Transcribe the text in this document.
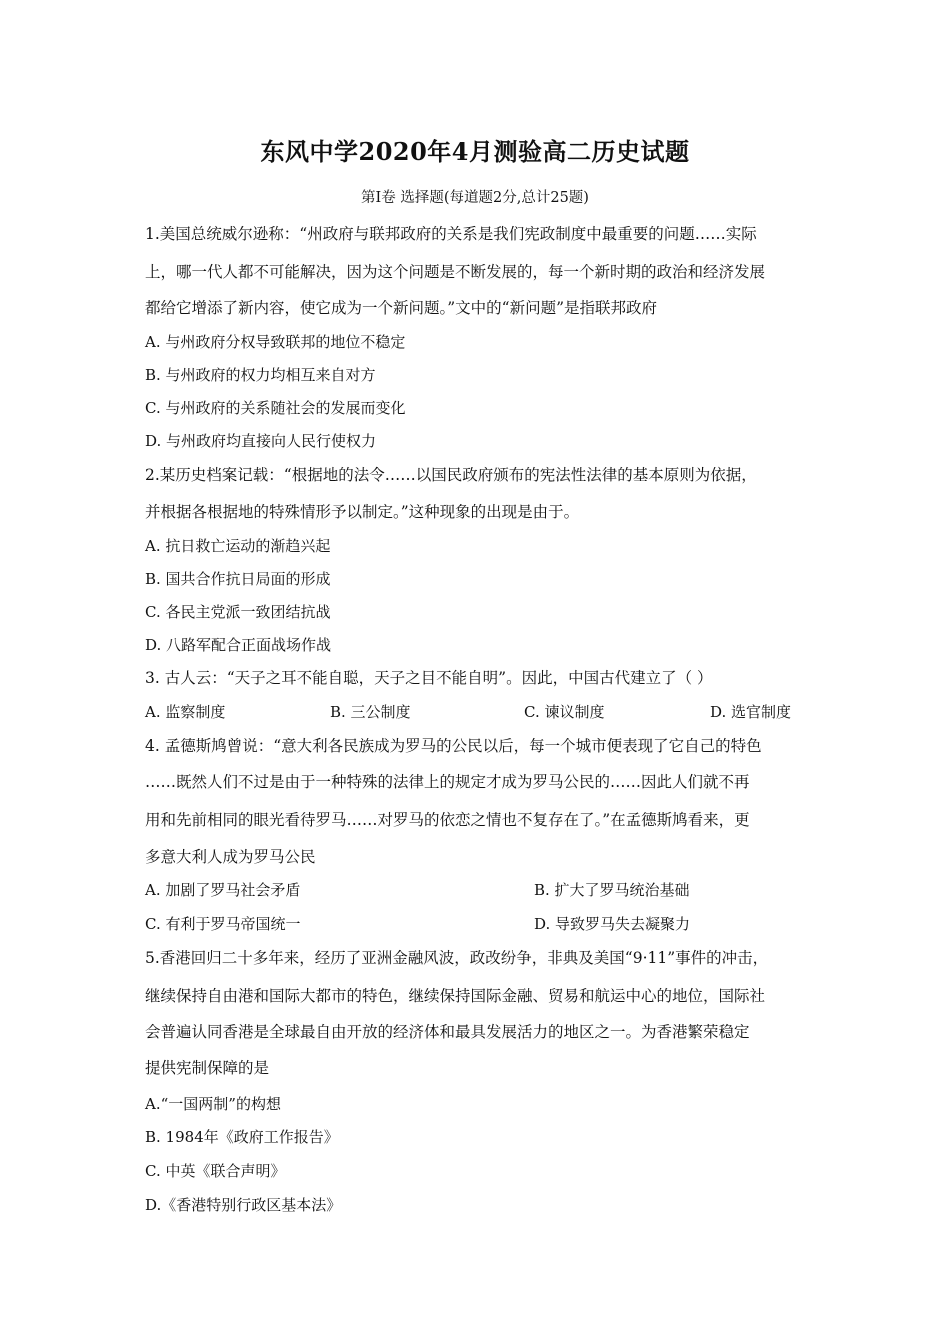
东风中学2020年4月测验高二历史试题
第I卷 选择题(每道题2分,总计25题)
1.美国总统威尔逊称：“州政府与联邦政府的关系是我们宪政制度中最重要的问题……实际
上，哪一代人都不可能解决，因为这个问题是不断发展的，每一个新时期的政治和经济发展
都给它增添了新内容，使它成为一个新问题。”文中的“新问题”是指联邦政府
A. 与州政府分权导致联邦的地位不稳定
B. 与州政府的权力均相互来自对方
C. 与州政府的关系随社会的发展而变化
D. 与州政府均直接向人民行使权力
2.某历史档案记载：“根据地的法令……以国民政府颁布的宪法性法律的基本原则为依据，
并根据各根据地的特殊情形予以制定。”这种现象的出现是由于。
A. 抗日救亡运动的渐趋兴起
B. 国共合作抗日局面的形成
C. 各民主党派一致团结抗战
D. 八路军配合正面战场作战
3. 古人云：“天子之耳不能自聪，天子之目不能自明”。因此，中国古代建立了（ ）
A. 监察制度	B. 三公制度	C. 谏议制度	D. 选官制度
4. 孟德斯鸠曾说：“意大利各民族成为罗马的公民以后，每一个城市便表现了它自己的特色
……既然人们不过是由于一种特殊的法律上的规定才成为罗马公民的……因此人们就不再
用和先前相同的眼光看待罗马……对罗马的依恋之情也不复存在了。”在孟德斯鸠看来，更
多意大利人成为罗马公民
A. 加剧了罗马社会矛盾	B. 扩大了罗马统治基础
C. 有利于罗马帝国统一	D. 导致罗马失去凝聚力
5.香港回归二十多年来，经历了亚洲金融风波，政改纷争，非典及美国“9·11”事件的冲击，
继续保持自由港和国际大都市的特色，继续保持国际金融、贸易和航运中心的地位，国际社
会普遍认同香港是全球最自由开放的经济体和最具发展活力的地区之一。为香港繁荣稳定
提供宪制保障的是
A.“一国两制”的构想
B. 1984年《政府工作报告》
C. 中英《联合声明》
D.《香港特别行政区基本法》
